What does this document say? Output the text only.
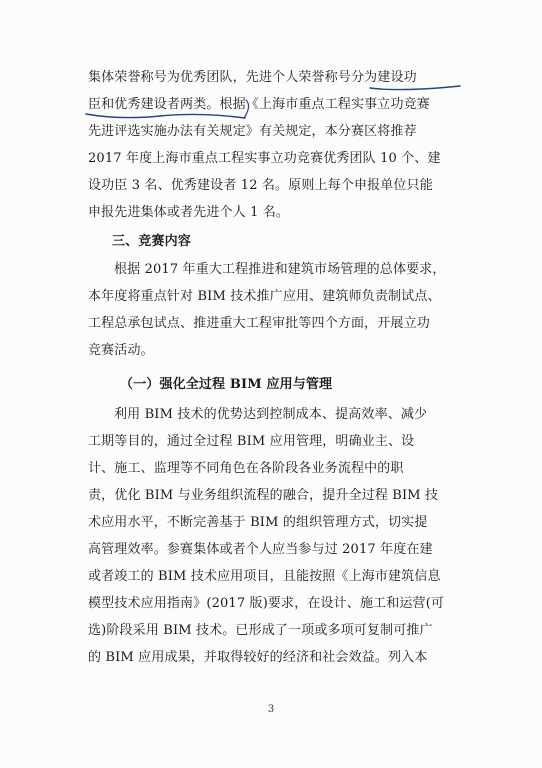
集体荣誉称号为优秀团队，先进个人荣誉称号分为建设功
臣和优秀建设者两类。根据《上海市重点工程实事立功竞赛
先进评选实施办法有关规定》有关规定，本分赛区将推荐
2017 年度上海市重点工程实事立功竞赛优秀团队 10 个、建
设功臣 3 名、优秀建设者 12 名。原则上每个申报单位只能
申报先进集体或者先进个人 1 名。
三、竞赛内容
根据 2017 年重大工程推进和建筑市场管理的总体要求，
本年度将重点针对 BIM 技术推广应用、建筑师负责制试点、
工程总承包试点、推进重大工程审批等四个方面，开展立功
竞赛活动。
（一）强化全过程 BIM 应用与管理
利用 BIM 技术的优势达到控制成本、提高效率、减少
工期等目的，通过全过程 BIM 应用管理，明确业主、设
计、施工、监理等不同角色在各阶段各业务流程中的职
责，优化 BIM 与业务组织流程的融合，提升全过程 BIM 技
术应用水平，不断完善基于 BIM 的组织管理方式，切实提
高管理效率。参赛集体或者个人应当参与过 2017 年度在建
或者竣工的 BIM 技术应用项目，且能按照《上海市建筑信息
模型技术应用指南》(2017 版)要求，在设计、施工和运营(可
选)阶段采用 BIM 技术。已形成了一项或多项可复制可推广
的 BIM 应用成果，并取得较好的经济和社会效益。列入本
3
